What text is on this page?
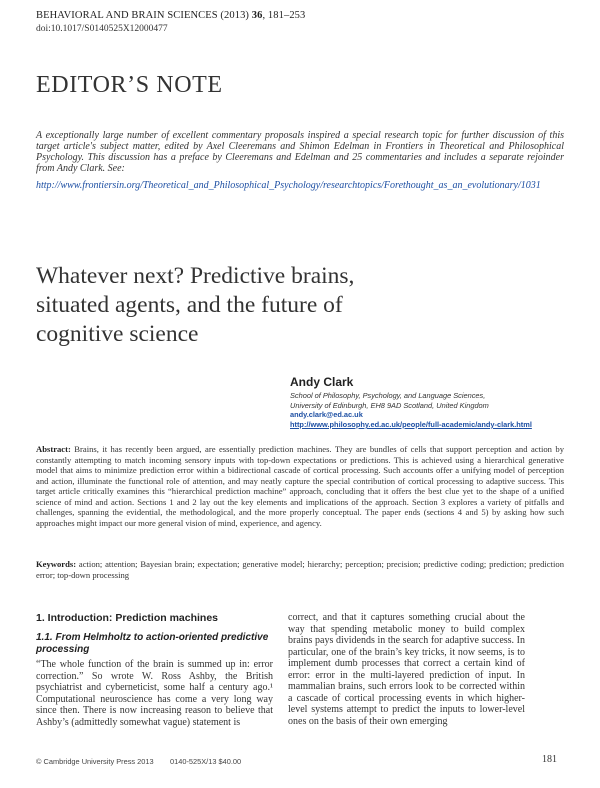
BEHAVIORAL AND BRAIN SCIENCES (2013) 36, 181–253
doi:10.1017/S0140525X12000477
EDITOR’S NOTE
A exceptionally large number of excellent commentary proposals inspired a special research topic for further discussion of this target article's subject matter, edited by Axel Cleeremans and Shimon Edelman in Frontiers in Theoretical and Philosophical Psychology. This discussion has a preface by Cleeremans and Edelman and 25 commentaries and includes a separate rejoinder from Andy Clark. See:
http://www.frontiersin.org/Theoretical_and_Philosophical_Psychology/researchtopics/Forethought_as_an_evolutionary/1031
Whatever next? Predictive brains,
situated agents, and the future of
cognitive science
Andy Clark
School of Philosophy, Psychology, and Language Sciences,
University of Edinburgh, EH8 9AD Scotland, United Kingdom
andy.clark@ed.ac.uk
http://www.philosophy.ed.ac.uk/people/full-academic/andy-clark.html
Abstract: Brains, it has recently been argued, are essentially prediction machines. They are bundles of cells that support perception and action by constantly attempting to match incoming sensory inputs with top-down expectations or predictions. This is achieved using a hierarchical generative model that aims to minimize prediction error within a bidirectional cascade of cortical processing. Such accounts offer a unifying model of perception and action, illuminate the functional role of attention, and may neatly capture the special contribution of cortical processing to adaptive success. This target article critically examines this “hierarchical prediction machine” approach, concluding that it offers the best clue yet to the shape of a unified science of mind and action. Sections 1 and 2 lay out the key elements and implications of the approach. Section 3 explores a variety of pitfalls and challenges, spanning the evidential, the methodological, and the more properly conceptual. The paper ends (sections 4 and 5) by asking how such approaches might impact our more general vision of mind, experience, and agency.
Keywords: action; attention; Bayesian brain; expectation; generative model; hierarchy; perception; precision; predictive coding; prediction; prediction error; top-down processing
1. Introduction: Prediction machines
1.1. From Helmholtz to action-oriented predictive processing
“The whole function of the brain is summed up in: error correction.” So wrote W. Ross Ashby, the British psychiatrist and cyberneticist, some half a century ago.¹ Computational neuroscience has come a very long way since then. There is now increasing reason to believe that Ashby’s (admittedly somewhat vague) statement is
correct, and that it captures something crucial about the way that spending metabolic money to build complex brains pays dividends in the search for adaptive success. In particular, one of the brain’s key tricks, it now seems, is to implement dumb processes that correct a certain kind of error: error in the multi-layered prediction of input. In mammalian brains, such errors look to be corrected within a cascade of cortical processing events in which higher-level systems attempt to predict the inputs to lower-level ones on the basis of their own emerging
© Cambridge University Press 2013 0140-525X/13 $40.00	181
